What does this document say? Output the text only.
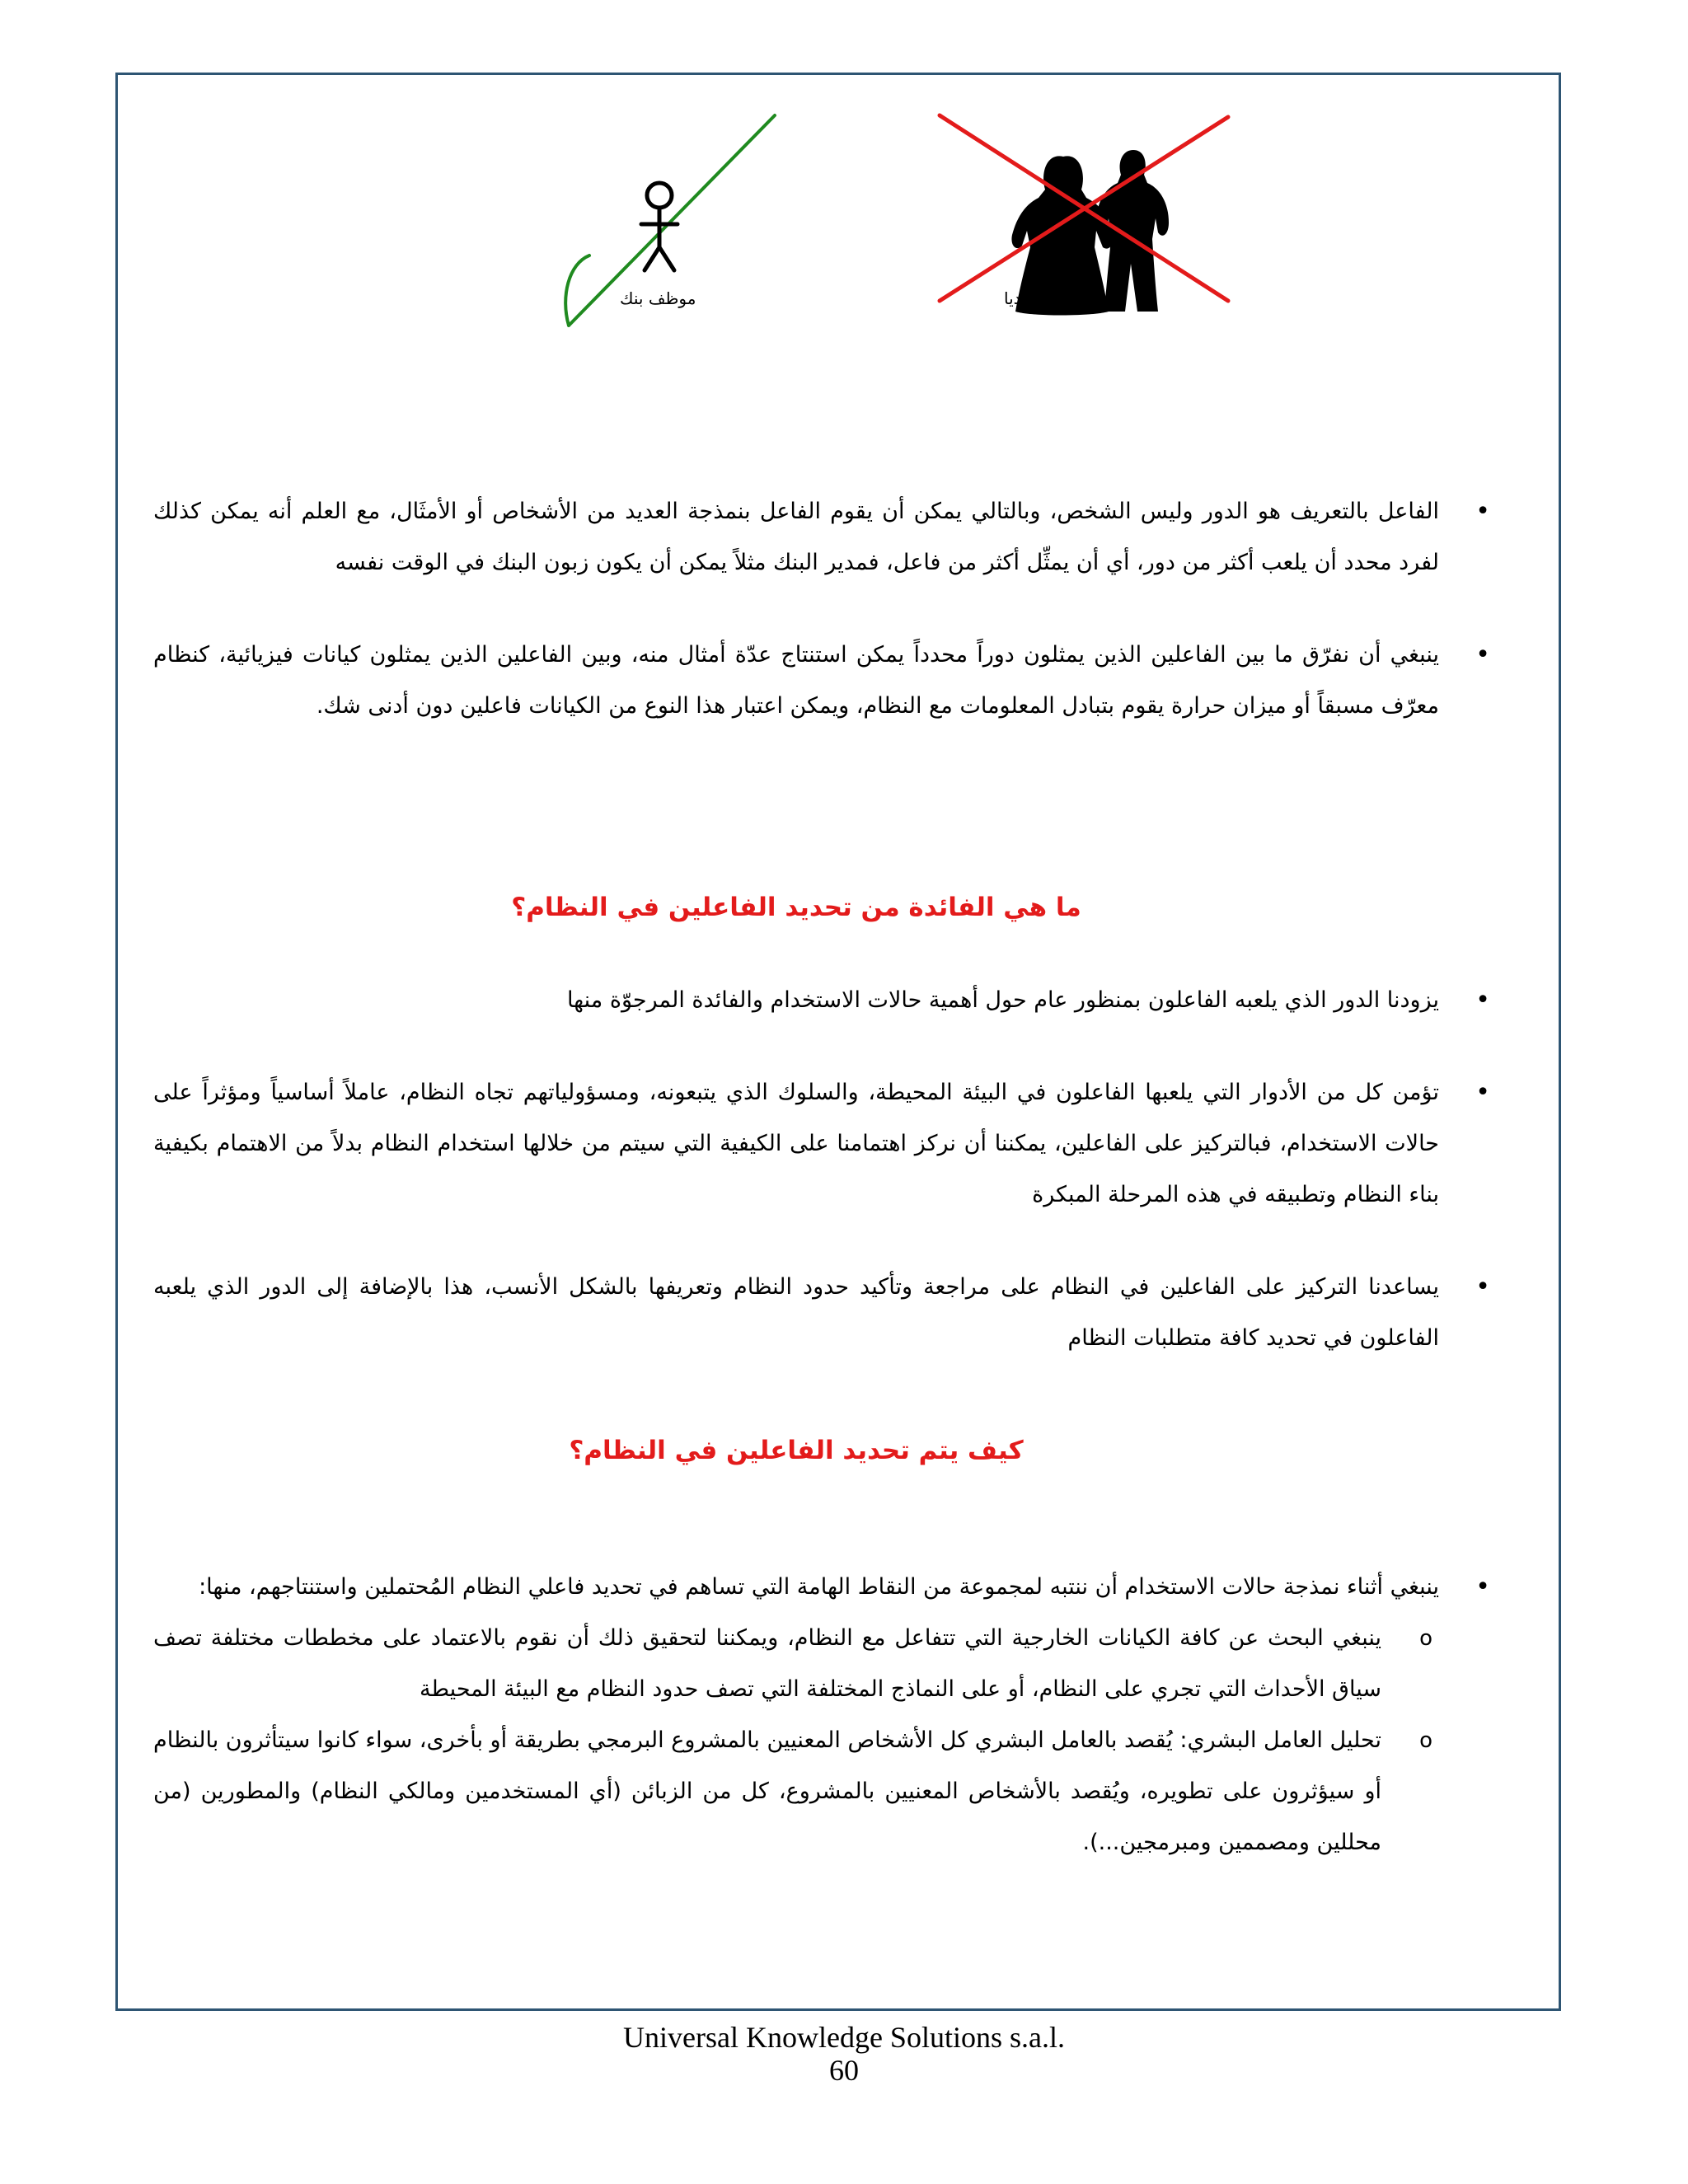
موظف بنك	فاديا	حسام

• الفاعل بالتعريف هو الدور وليس الشخص، وبالتالي يمكن أن يقوم الفاعل بنمذجة العديد من الأشخاص أو الأمثَال، مع العلم أنه يمكن كذلك لفرد محدد أن يلعب أكثر من دور، أي أن يمثِّل أكثر من فاعل، فمدير البنك مثلاً يمكن أن يكون زبون البنك في الوقت نفسه

• ينبغي أن نفرّق ما بين الفاعلين الذين يمثلون دوراً محدداً يمكن استنتاج عدّة أمثال منه، وبين الفاعلين الذين يمثلون كيانات فيزيائية، كنظام معرّف مسبقاً أو ميزان حرارة يقوم بتبادل المعلومات مع النظام، ويمكن اعتبار هذا النوع من الكيانات فاعلين دون أدنى شك.

ما هي الفائدة من تحديد الفاعلين في النظام؟

• يزودنا الدور الذي يلعبه الفاعلون بمنظور عام حول أهمية حالات الاستخدام والفائدة المرجوّة منها

• تؤمن كل من الأدوار التي يلعبها الفاعلون في البيئة المحيطة، والسلوك الذي يتبعونه، ومسؤولياتهم تجاه النظام، عاملاً أساسياً ومؤثراً على حالات الاستخدام، فبالتركيز على الفاعلين، يمكننا أن نركز اهتمامنا على الكيفية التي سيتم من خلالها استخدام النظام بدلاً من الاهتمام بكيفية بناء النظام وتطبيقه في هذه المرحلة المبكرة

• يساعدنا التركيز على الفاعلين في النظام على مراجعة وتأكيد حدود النظام وتعريفها بالشكل الأنسب، هذا بالإضافة إلى الدور الذي يلعبه الفاعلون في تحديد كافة متطلبات النظام

كيف يتم تحديد الفاعلين في النظام؟

• ينبغي أثناء نمذجة حالات الاستخدام أن ننتبه لمجموعة من النقاط الهامة التي تساهم في تحديد فاعلي النظام المُحتملين واستنتاجهم، منها:

o ينبغي البحث عن كافة الكيانات الخارجية التي تتفاعل مع النظام، ويمكننا لتحقيق ذلك أن نقوم بالاعتماد على مخططات مختلفة تصف سياق الأحداث التي تجري على النظام، أو على النماذج المختلفة التي تصف حدود النظام مع البيئة المحيطة

o تحليل العامل البشري: يُقصد بالعامل البشري كل الأشخاص المعنيين بالمشروع البرمجي بطريقة أو بأخرى، سواء كانوا سيتأثرون بالنظام أو سيؤثرون على تطويره، ويُقصد بالأشخاص المعنيين بالمشروع، كل من الزبائن (أي المستخدمين ومالكي النظام) والمطورين (من محللين ومصممين ومبرمجين...).

Universal Knowledge Solutions s.a.l.
60
